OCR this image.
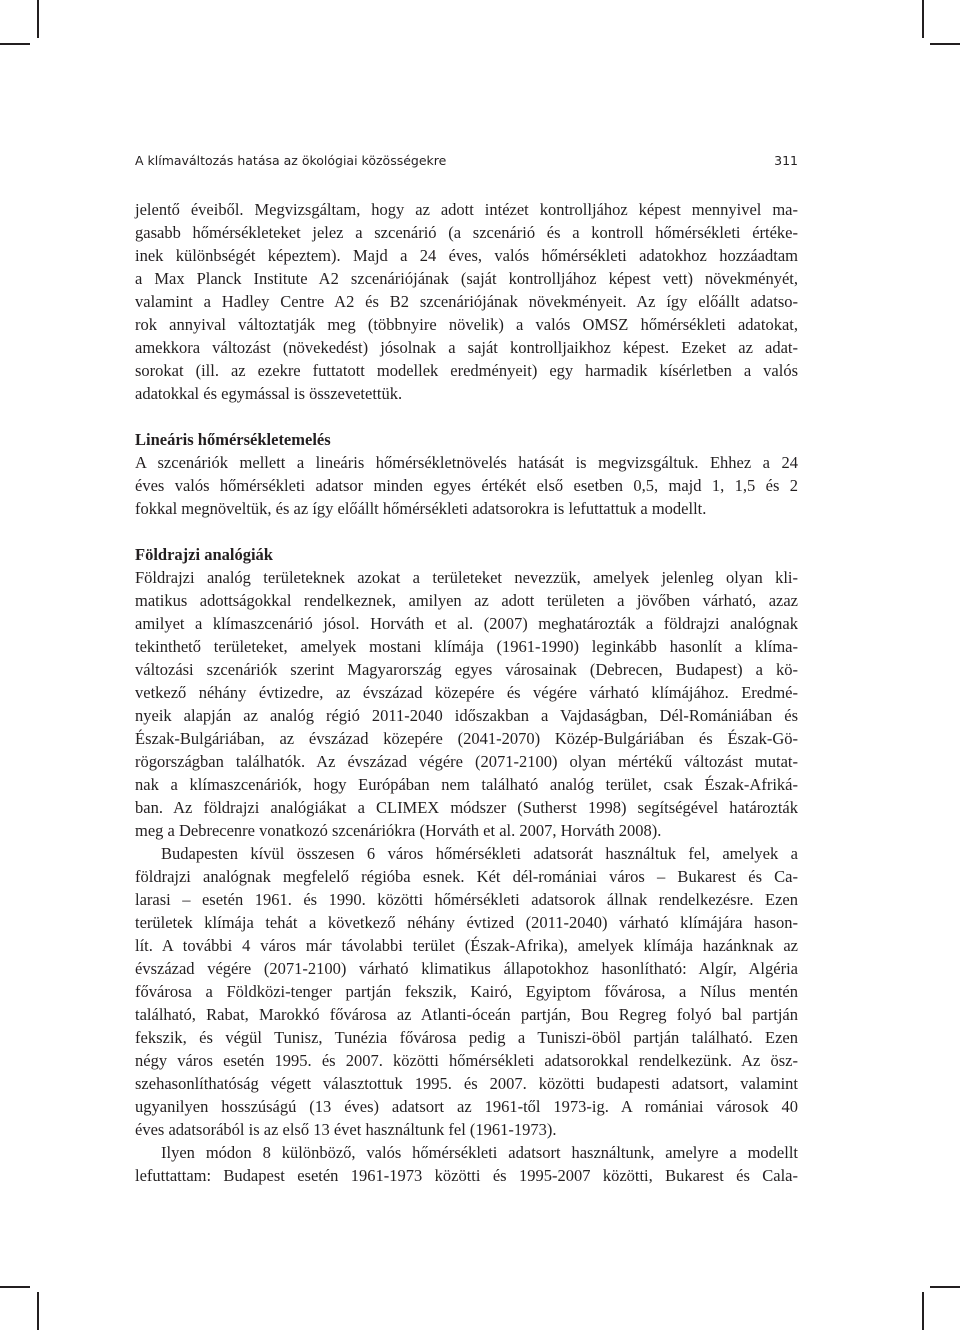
A klímaváltozás hatása az ökológiai közösségekre	311
jelentő éveiből. Megvizsgáltam, hogy az adott intézet kontrolljához képest mennyivel ma-
gasabb hőmérsékleteket jelez a szcenárió (a szcenárió és a kontroll hőmérsékleti értéke-
inek különbségét képeztem). Majd a 24 éves, valós hőmérsékleti adatokhoz hozzáadtam
a Max Planck Institute A2 szcenáriójának (saját kontrolljához képest vett) növekményét,
valamint a Hadley Centre A2 és B2 szcenáriójának növekményeit. Az így előállt adatso-
rok annyival változtatják meg (többnyire növelik) a valós OMSZ hőmérsékleti adatokat,
amekkora változást (növekedést) jósolnak a saját kontrolljaikhoz képest. Ezeket az adat-
sorokat (ill. az ezekre futtatott modellek eredményeit) egy harmadik kísérletben a valós
adatokkal és egymással is összevetettük.
Lineáris hőmérsékletemelés
A szcenáriók mellett a lineáris hőmérsékletnövelés hatását is megvizsgáltuk. Ehhez a 24
éves valós hőmérsékleti adatsor minden egyes értékét első esetben 0,5, majd 1, 1,5 és 2
fokkal megnöveltük, és az így előállt hőmérsékleti adatsorokra is lefuttattuk a modellt.
Földrajzi analógiák
Földrajzi analóg területeknek azokat a területeket nevezzük, amelyek jelenleg olyan kli-
matikus adottságokkal rendelkeznek, amilyen az adott területen a jövőben várható, azaz
amilyet a klímaszcenárió jósol. Horváth et al. (2007) meghatározták a földrajzi analógnak
tekinthető területeket, amelyek mostani klímája (1961-1990) leginkább hasonlít a klíma-
változási szcenáriók szerint Magyarország egyes városainak (Debrecen, Budapest) a kö-
vetkező néhány évtizedre, az évszázad közepére és végére várható klímájához. Eredmé-
nyeik alapján az analóg régió 2011-2040 időszakban a Vajdaságban, Dél-Romániában és
Észak-Bulgáriában, az évszázad közepére (2041-2070) Közép-Bulgáriában és Észak-Gö-
rögországban találhatók. Az évszázad végére (2071-2100) olyan mértékű változást mutat-
nak a klímaszcenáriók, hogy Európában nem található analóg terület, csak Észak-Afriká-
ban. Az földrajzi analógiákat a CLIMEX módszer (Sutherst 1998) segítségével határozták
meg a Debrecenre vonatkozó szcenáriókra (Horváth et al. 2007, Horváth 2008).
Budapesten kívül összesen 6 város hőmérsékleti adatsorát használtuk fel, amelyek a
földrajzi analógnak megfelelő régióba esnek. Két dél-romániai város – Bukarest és Ca-
larasi – esetén 1961. és 1990. közötti hőmérsékleti adatsorok állnak rendelkezésre. Ezen
területek klímája tehát a következő néhány évtized (2011-2040) várható klímájára hason-
lít. A további 4 város már távolabbi terület (Észak-Afrika), amelyek klímája hazánknak az
évszázad végére (2071-2100) várható klimatikus állapotokhoz hasonlítható: Algír, Algéria
fővárosa a Földközi-tenger partján fekszik, Kairó, Egyiptom fővárosa, a Nílus mentén
található, Rabat, Marokkó fővárosa az Atlanti-óceán partján, Bou Regreg folyó bal partján
fekszik, és végül Tunisz, Tunézia fővárosa pedig a Tuniszi-öböl partján található. Ezen
négy város esetén 1995. és 2007. közötti hőmérsékleti adatsorokkal rendelkezünk. Az ösz-
szehasonlíthatóság végett választottuk 1995. és 2007. közötti budapesti adatsort, valamint
ugyanilyen hosszúságú (13 éves) adatsort az 1961-től 1973-ig. A romániai városok 40
éves adatsorából is az első 13 évet használtunk fel (1961-1973).
Ilyen módon 8 különböző, valós hőmérsékleti adatsort használtunk, amelyre a modellt
lefuttattam: Budapest esetén 1961-1973 közötti és 1995-2007 közötti, Bukarest és Cala-
